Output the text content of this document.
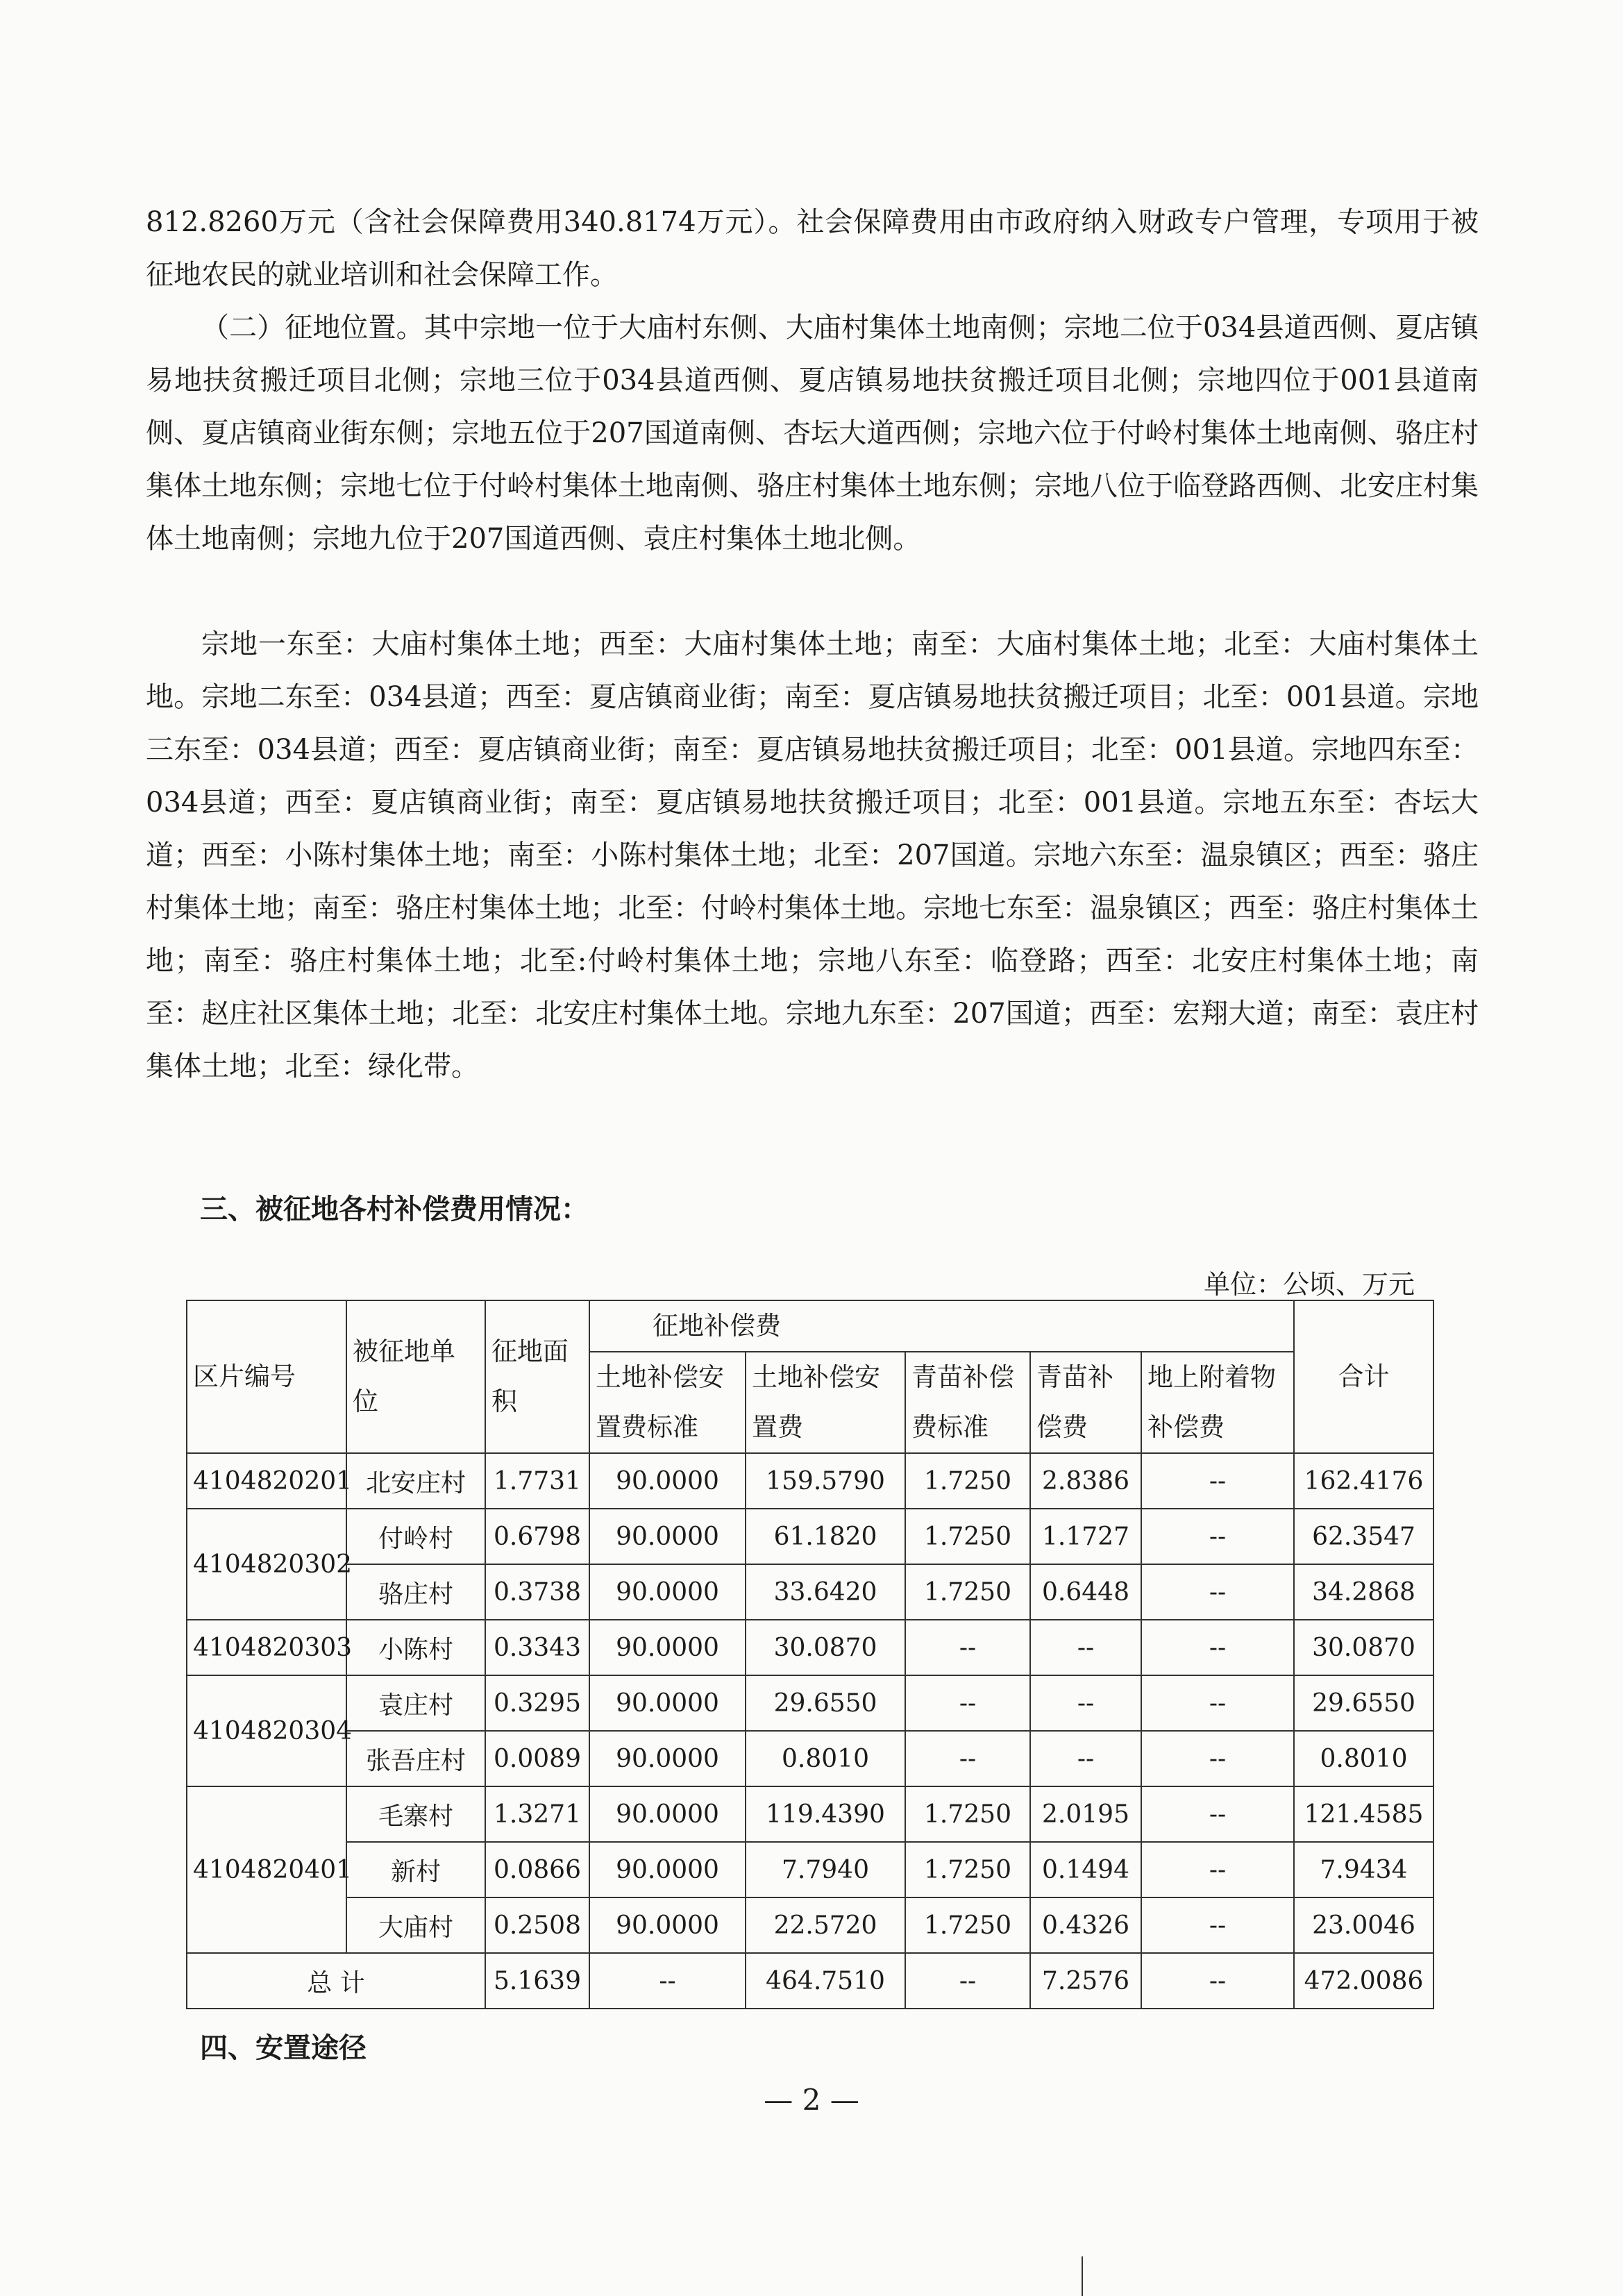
812.8260万元（含社会保障费用340.8174万元）。社会保障费用由市政府纳入财政专户管理，专项用于被征地农民的就业培训和社会保障工作。

（二）征地位置。其中宗地一位于大庙村东侧、大庙村集体土地南侧；宗地二位于034县道西侧、夏店镇易地扶贫搬迁项目北侧；宗地三位于034县道西侧、夏店镇易地扶贫搬迁项目北侧；宗地四位于001县道南侧、夏店镇商业街东侧；宗地五位于207国道南侧、杏坛大道西侧；宗地六位于付岭村集体土地南侧、骆庄村集体土地东侧；宗地七位于付岭村集体土地南侧、骆庄村集体土地东侧；宗地八位于临登路西侧、北安庄村集体土地南侧；宗地九位于207国道西侧、袁庄村集体土地北侧。

宗地一东至：大庙村集体土地；西至：大庙村集体土地；南至：大庙村集体土地；北至：大庙村集体土地。宗地二东至：034县道；西至：夏店镇商业街；南至：夏店镇易地扶贫搬迁项目；北至：001县道。宗地三东至：034县道；西至：夏店镇商业街；南至：夏店镇易地扶贫搬迁项目；北至：001县道。宗地四东至：034县道；西至：夏店镇商业街；南至：夏店镇易地扶贫搬迁项目；北至：001县道。宗地五东至：杏坛大道；西至：小陈村集体土地；南至：小陈村集体土地；北至：207国道。宗地六东至：温泉镇区；西至：骆庄村集体土地；南至：骆庄村集体土地；北至：付岭村集体土地。宗地七东至：温泉镇区；西至：骆庄村集体土地；南至：骆庄村集体土地；北至:付岭村集体土地；宗地八东至：临登路；西至：北安庄村集体土地；南至：赵庄社区集体土地；北至：北安庄村集体土地。宗地九东至：207国道；西至：宏翔大道；南至：袁庄村集体土地；北至：绿化带。

三、被征地各村补偿费用情况：
单位：公顷、万元
区片编号	被征地单位	征地面积	征地补偿费					合计
			土地补偿安置费标准	土地补偿安置费	青苗补偿费标准	青苗补偿费	地上附着物补偿费	
4104820201	北安庄村	1.7731	90.0000	159.5790	1.7250	2.8386	--	162.4176
4104820302	付岭村	0.6798	90.0000	61.1820	1.7250	1.1727	--	62.3547
	骆庄村	0.3738	90.0000	33.6420	1.7250	0.6448	--	34.2868
4104820303	小陈村	0.3343	90.0000	30.0870	--	--	--	30.0870
4104820304	袁庄村	0.3295	90.0000	29.6550	--	--	--	29.6550
	张吾庄村	0.0089	90.0000	0.8010	--	--	--	0.8010
4104820401	毛寨村	1.3271	90.0000	119.4390	1.7250	2.0195	--	121.4585
	新村	0.0866	90.0000	7.7940	1.7250	0.1494	--	7.9434
	大庙村	0.2508	90.0000	22.5720	1.7250	0.4326	--	23.0046
总 计		5.1639	--	464.7510	--	7.2576	--	472.0086
四、安置途径
— 2 —
